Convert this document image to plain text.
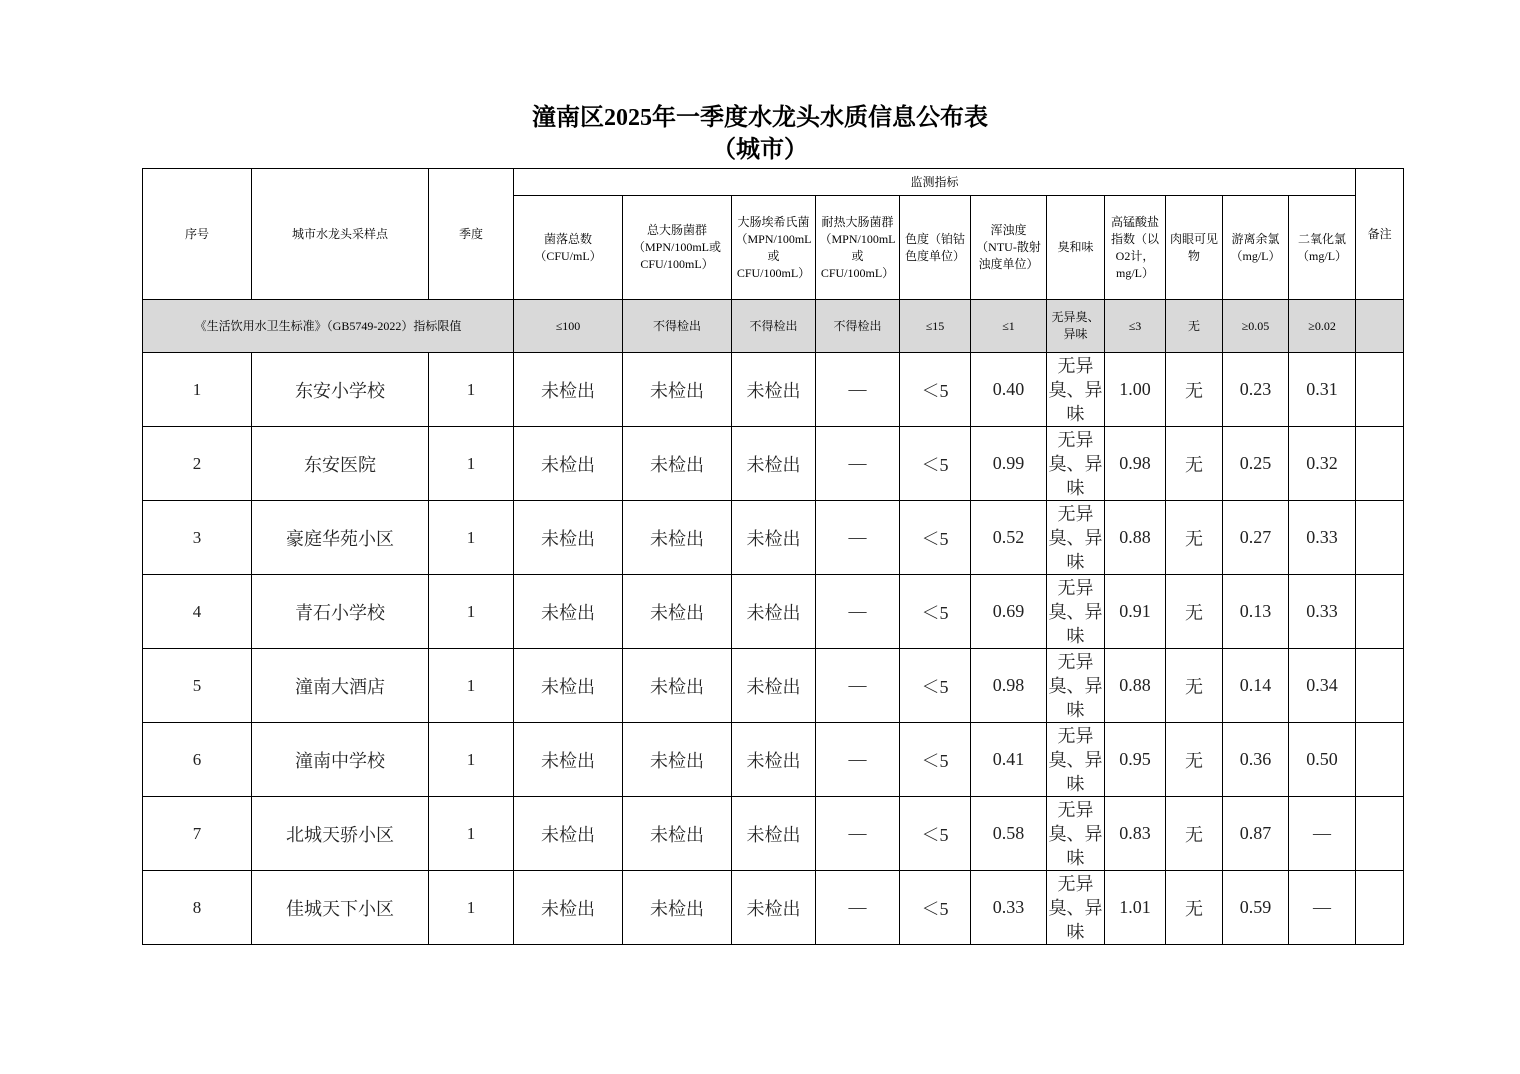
潼南区2025年一季度水龙头水质信息公布表
（城市）
序号	城市水龙头采样点	季度	监测指标											备注
			菌落总数（CFU/mL）	总大肠菌群（MPN/100mL或CFU/100mL）	大肠埃希氏菌（MPN/100mL或CFU/100mL）	耐热大肠菌群（MPN/100mL或CFU/100mL）	色度（铂钴色度单位）	浑浊度（NTU-散射浊度单位）	臭和味	高锰酸盐指数（以O2计，mg/L）	肉眼可见物	游离余氯（mg/L）	二氧化氯（mg/L）	
《生活饮用水卫生标准》（GB5749-2022）指标限值			≤100	不得检出	不得检出	不得检出	≤15	≤1	无异臭、异味	≤3	无	≥0.05	≥0.02	
1	东安小学校	1	未检出	未检出	未检出	—	＜5	0.40	无异臭、异味	1.00	无	0.23	0.31	
2	东安医院	1	未检出	未检出	未检出	—	＜5	0.99	无异臭、异味	0.98	无	0.25	0.32	
3	豪庭华苑小区	1	未检出	未检出	未检出	—	＜5	0.52	无异臭、异味	0.88	无	0.27	0.33	
4	青石小学校	1	未检出	未检出	未检出	—	＜5	0.69	无异臭、异味	0.91	无	0.13	0.33	
5	潼南大酒店	1	未检出	未检出	未检出	—	＜5	0.98	无异臭、异味	0.88	无	0.14	0.34	
6	潼南中学校	1	未检出	未检出	未检出	—	＜5	0.41	无异臭、异味	0.95	无	0.36	0.50	
7	北城天骄小区	1	未检出	未检出	未检出	—	＜5	0.58	无异臭、异味	0.83	无	0.87	—	
8	佳城天下小区	1	未检出	未检出	未检出	—	＜5	0.33	无异臭、异味	1.01	无	0.59	—	
